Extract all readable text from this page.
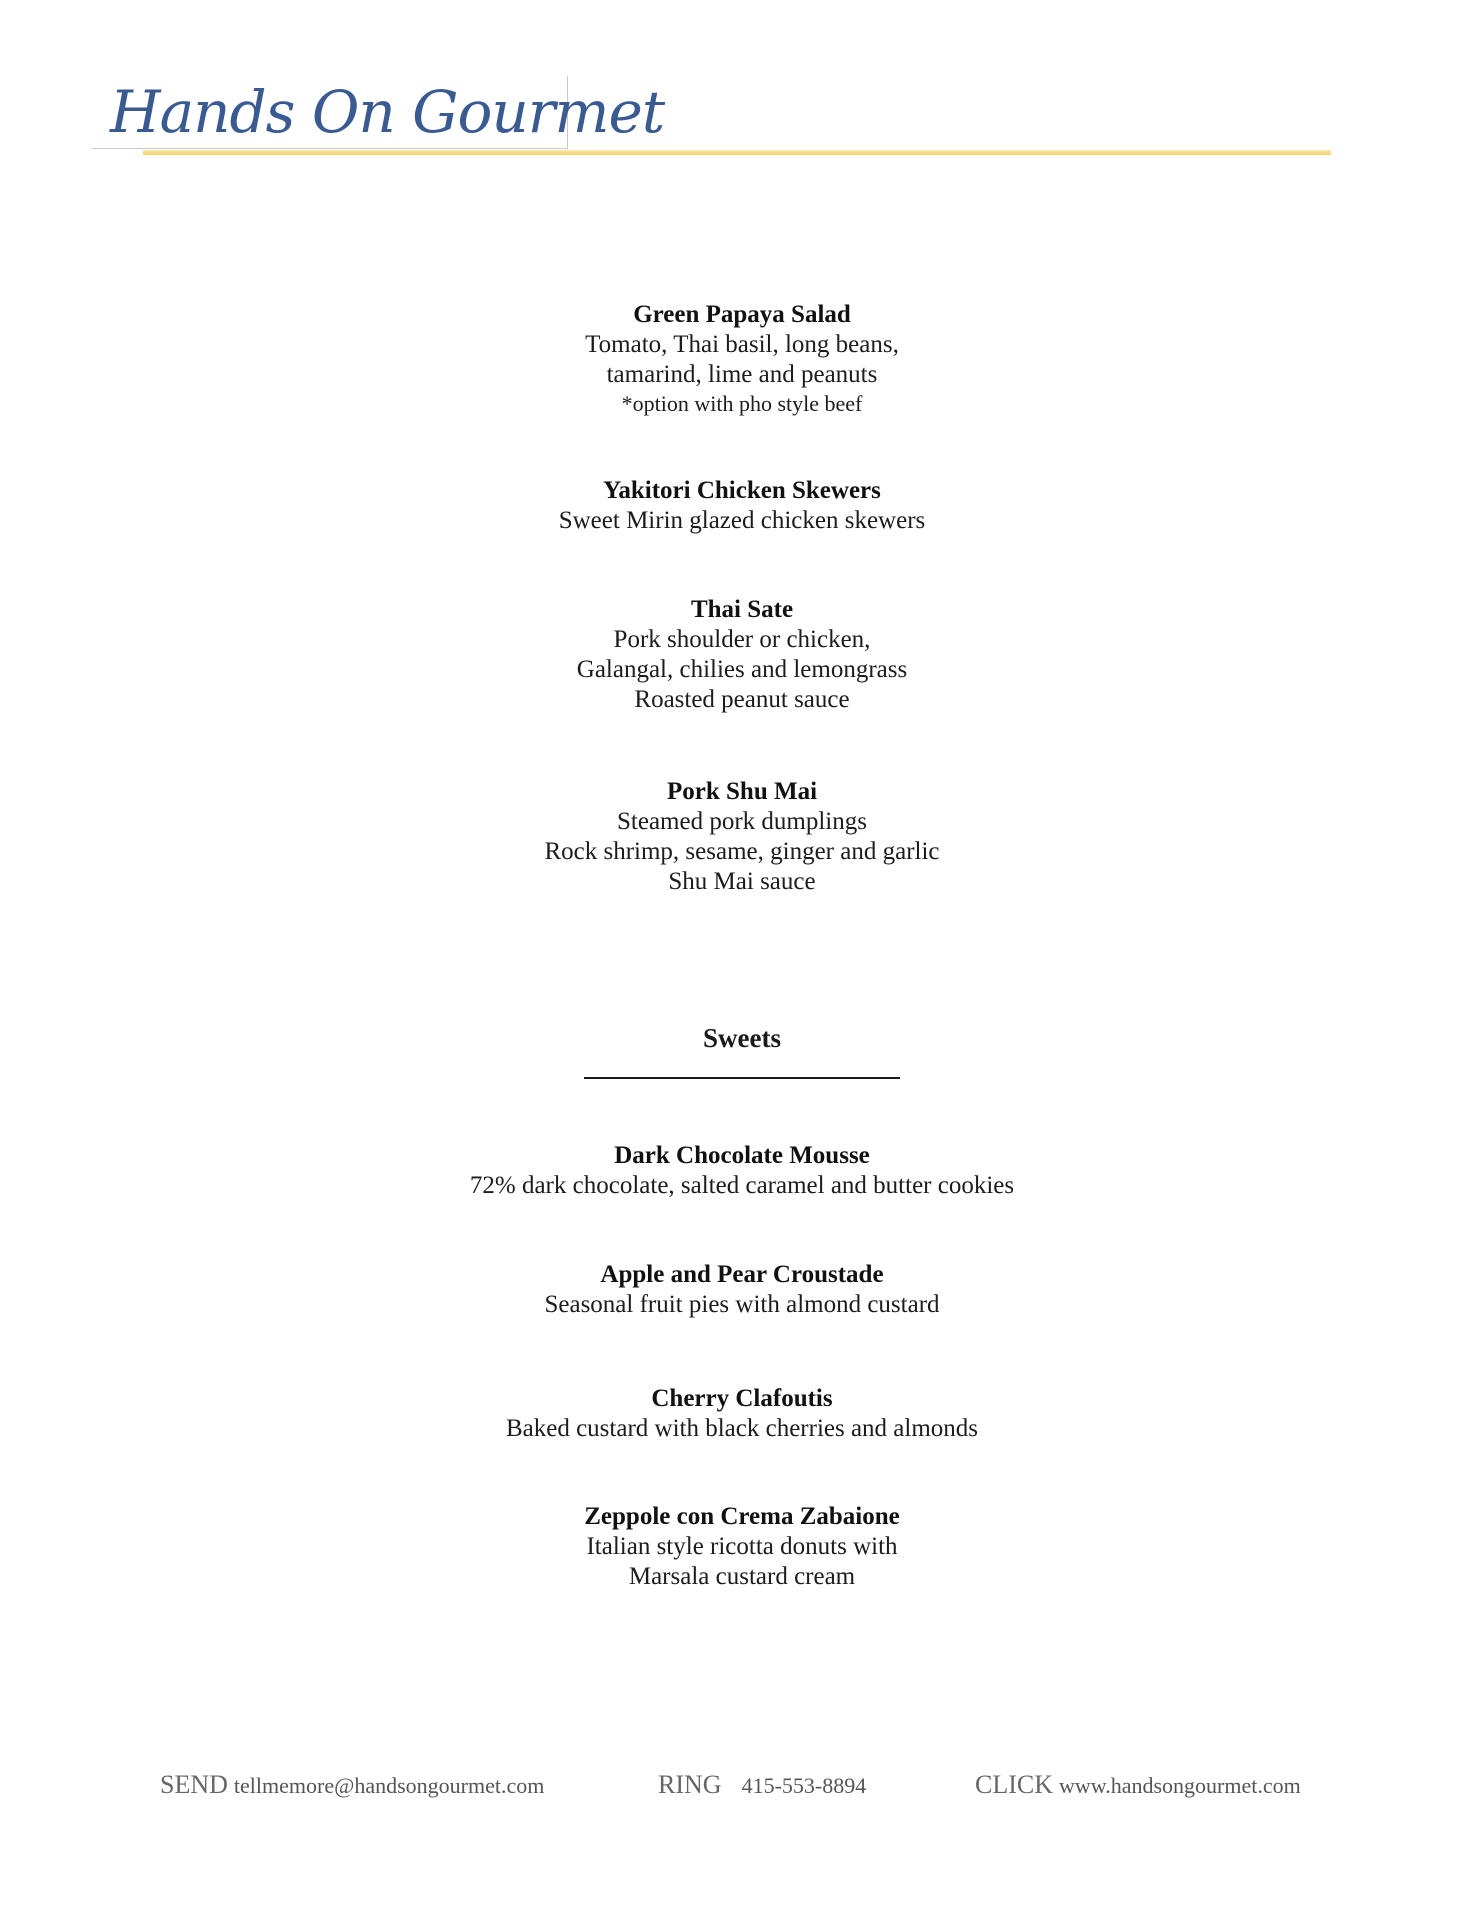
Hands On Gourmet
Green Papaya Salad
Tomato, Thai basil, long beans,
tamarind, lime and peanuts
*option with pho style beef
Yakitori Chicken Skewers
Sweet Mirin glazed chicken skewers
Thai Sate
Pork shoulder or chicken,
Galangal, chilies and lemongrass
Roasted peanut sauce
Pork Shu Mai
Steamed pork dumplings
Rock shrimp, sesame, ginger and garlic
Shu Mai sauce
Sweets
Dark Chocolate Mousse
72% dark chocolate, salted caramel and butter cookies
Apple and Pear Croustade
Seasonal fruit pies with almond custard
Cherry Clafoutis
Baked custard with black cherries and almonds
Zeppole con Crema Zabaione
Italian style ricotta donuts with
Marsala custard cream
SEND tellmemore@handsongourmet.com	RING 415-553-8894	CLICK www.handsongourmet.com
